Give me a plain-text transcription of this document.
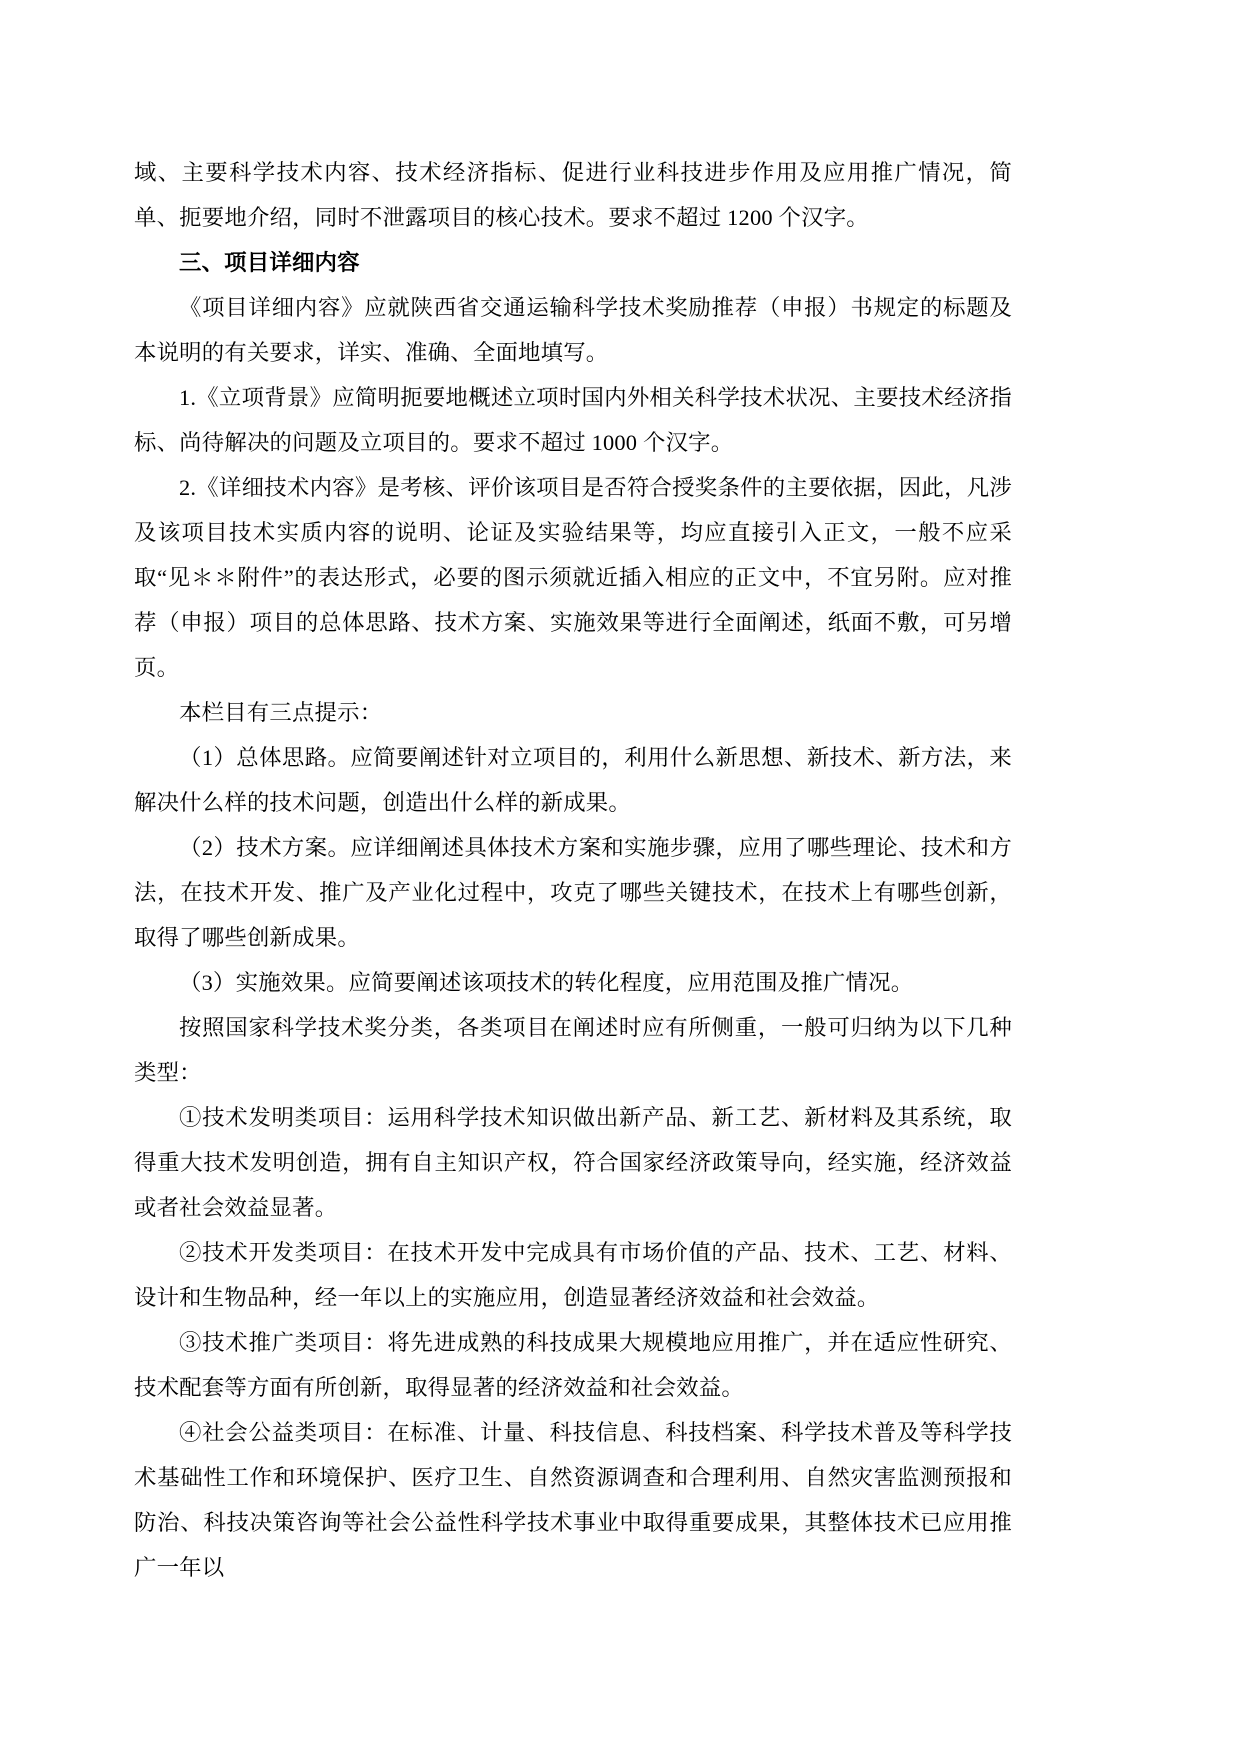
域、主要科学技术内容、技术经济指标、促进行业科技进步作用及应用推广情况，简单、扼要地介绍，同时不泄露项目的核心技术。要求不超过 1200 个汉字。

三、项目详细内容

《项目详细内容》应就陕西省交通运输科学技术奖励推荐（申报）书规定的标题及本说明的有关要求，详实、准确、全面地填写。

1.《立项背景》应简明扼要地概述立项时国内外相关科学技术状况、主要技术经济指标、尚待解决的问题及立项目的。要求不超过 1000 个汉字。

2.《详细技术内容》是考核、评价该项目是否符合授奖条件的主要依据，因此，凡涉及该项目技术实质内容的说明、论证及实验结果等，均应直接引入正文，一般不应采取“见＊＊附件”的表达形式，必要的图示须就近插入相应的正文中，不宜另附。应对推荐（申报）项目的总体思路、技术方案、实施效果等进行全面阐述，纸面不敷，可另增页。

本栏目有三点提示：

（1）总体思路。应简要阐述针对立项目的，利用什么新思想、新技术、新方法，来解决什么样的技术问题，创造出什么样的新成果。

（2）技术方案。应详细阐述具体技术方案和实施步骤，应用了哪些理论、技术和方法，在技术开发、推广及产业化过程中，攻克了哪些关键技术，在技术上有哪些创新，取得了哪些创新成果。

（3）实施效果。应简要阐述该项技术的转化程度，应用范围及推广情况。

按照国家科学技术奖分类，各类项目在阐述时应有所侧重，一般可归纳为以下几种类型：

①技术发明类项目：运用科学技术知识做出新产品、新工艺、新材料及其系统，取得重大技术发明创造，拥有自主知识产权，符合国家经济政策导向，经实施，经济效益或者社会效益显著。

②技术开发类项目：在技术开发中完成具有市场价值的产品、技术、工艺、材料、设计和生物品种，经一年以上的实施应用，创造显著经济效益和社会效益。

③技术推广类项目：将先进成熟的科技成果大规模地应用推广，并在适应性研究、技术配套等方面有所创新，取得显著的经济效益和社会效益。

④社会公益类项目：在标准、计量、科技信息、科技档案、科学技术普及等科学技术基础性工作和环境保护、医疗卫生、自然资源调查和合理利用、自然灾害监测预报和防治、科技决策咨询等社会公益性科学技术事业中取得重要成果，其整体技术已应用推广一年以
